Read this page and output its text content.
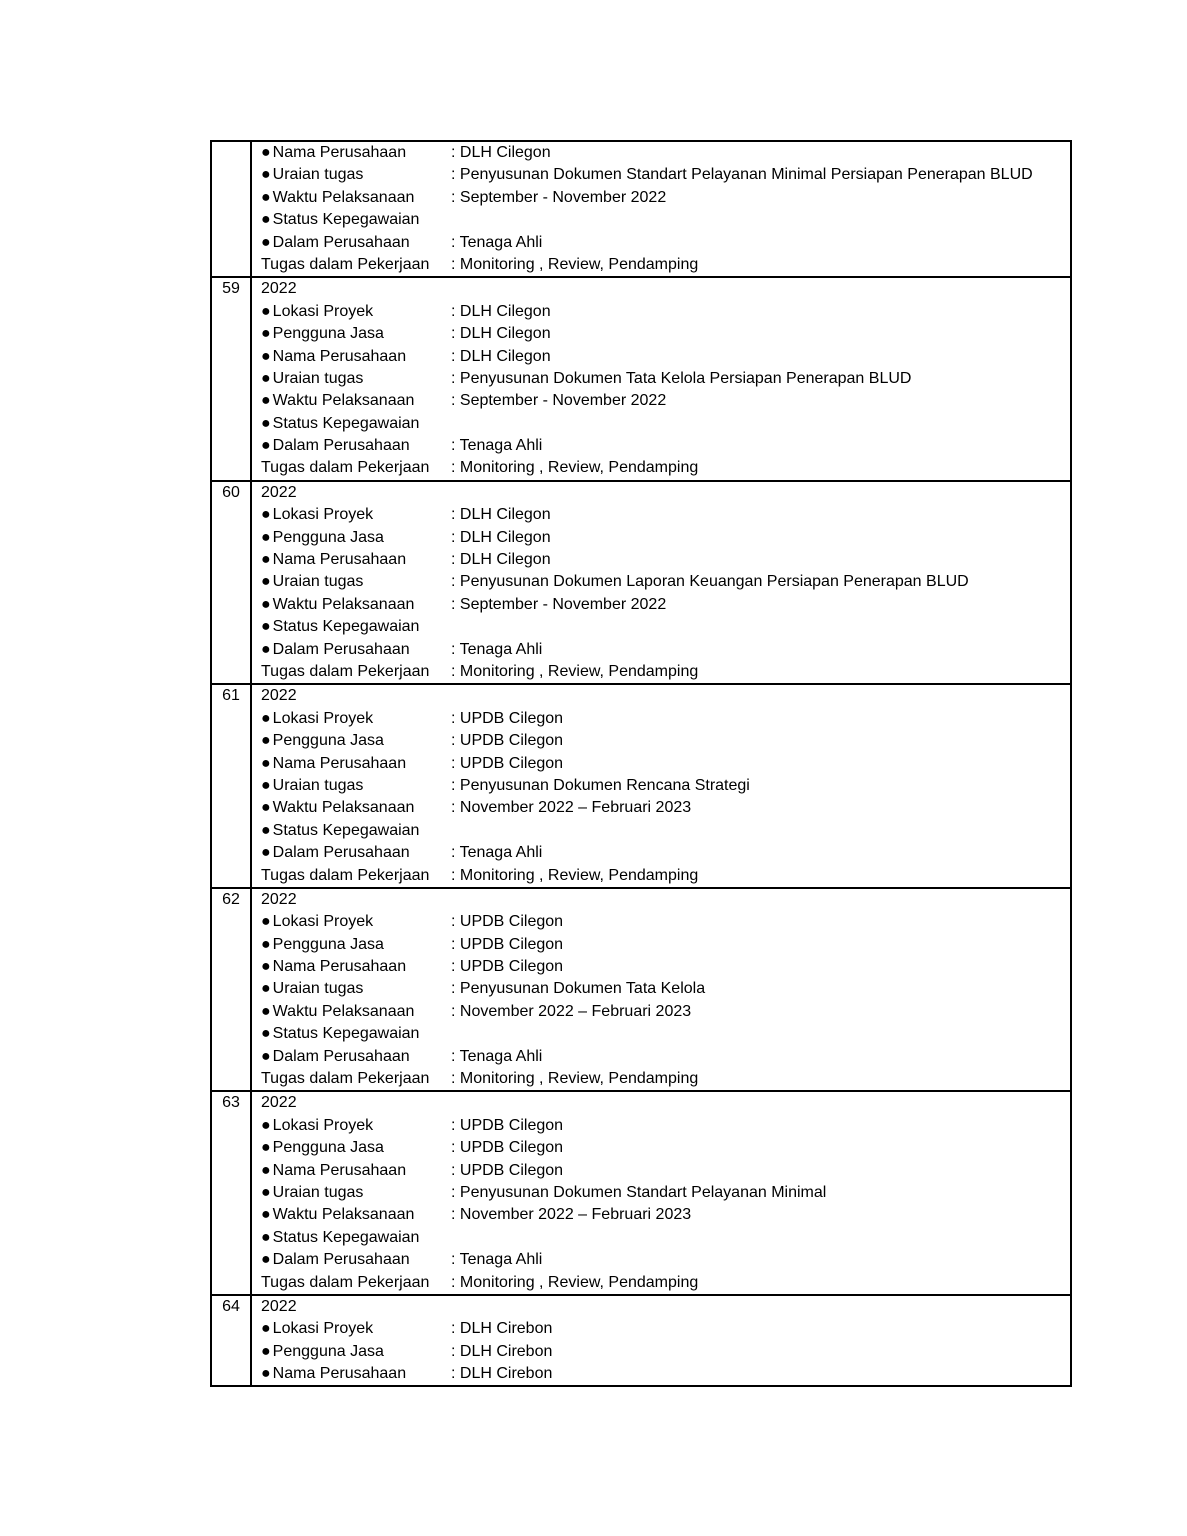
● Nama Perusahaan	: DLH Cilegon
● Uraian tugas	: Penyusunan Dokumen Standart Pelayanan Minimal Persiapan Penerapan BLUD
● Waktu Pelaksanaan	: September - November 2022
● Status Kepegawaian
● Dalam Perusahaan	: Tenaga Ahli
Tugas dalam Pekerjaan	: Monitoring , Review, Pendamping
59	2022
● Lokasi Proyek	: DLH Cilegon
● Pengguna Jasa	: DLH Cilegon
● Nama Perusahaan	: DLH Cilegon
● Uraian tugas	: Penyusunan Dokumen Tata Kelola Persiapan Penerapan BLUD
● Waktu Pelaksanaan	: September - November 2022
● Status Kepegawaian
● Dalam Perusahaan	: Tenaga Ahli
Tugas dalam Pekerjaan	: Monitoring , Review, Pendamping
60	2022
● Lokasi Proyek	: DLH Cilegon
● Pengguna Jasa	: DLH Cilegon
● Nama Perusahaan	: DLH Cilegon
● Uraian tugas	: Penyusunan Dokumen Laporan Keuangan Persiapan Penerapan BLUD
● Waktu Pelaksanaan	: September - November 2022
● Status Kepegawaian
● Dalam Perusahaan	: Tenaga Ahli
Tugas dalam Pekerjaan	: Monitoring , Review, Pendamping
61	2022
● Lokasi Proyek	: UPDB Cilegon
● Pengguna Jasa	: UPDB Cilegon
● Nama Perusahaan	: UPDB Cilegon
● Uraian tugas	: Penyusunan Dokumen Rencana Strategi
● Waktu Pelaksanaan	: November 2022 – Februari 2023
● Status Kepegawaian
● Dalam Perusahaan	: Tenaga Ahli
Tugas dalam Pekerjaan	: Monitoring , Review, Pendamping
62	2022
● Lokasi Proyek	: UPDB Cilegon
● Pengguna Jasa	: UPDB Cilegon
● Nama Perusahaan	: UPDB Cilegon
● Uraian tugas	: Penyusunan Dokumen Tata Kelola
● Waktu Pelaksanaan	: November 2022 – Februari 2023
● Status Kepegawaian
● Dalam Perusahaan	: Tenaga Ahli
Tugas dalam Pekerjaan	: Monitoring , Review, Pendamping
63	2022
● Lokasi Proyek	: UPDB Cilegon
● Pengguna Jasa	: UPDB Cilegon
● Nama Perusahaan	: UPDB Cilegon
● Uraian tugas	: Penyusunan Dokumen Standart Pelayanan Minimal
● Waktu Pelaksanaan	: November 2022 – Februari 2023
● Status Kepegawaian
● Dalam Perusahaan	: Tenaga Ahli
Tugas dalam Pekerjaan	: Monitoring , Review, Pendamping
64	2022
● Lokasi Proyek	: DLH Cirebon
● Pengguna Jasa	: DLH Cirebon
● Nama Perusahaan	: DLH Cirebon
